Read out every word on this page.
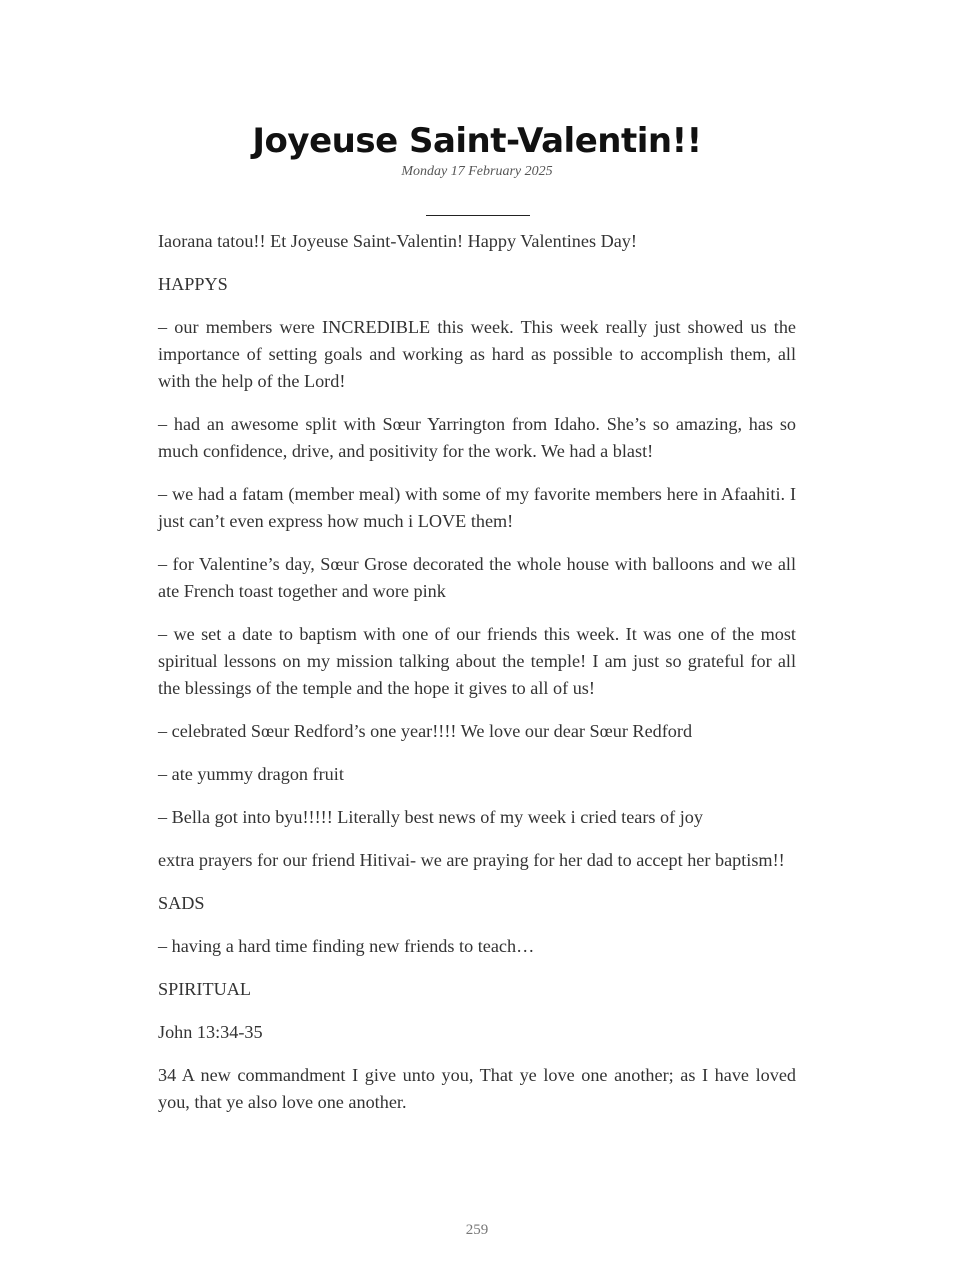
Joyeuse Saint-Valentin!!
Monday 17 February 2025

Iaorana tatou!! Et Joyeuse Saint-Valentin! Happy Valentines Day!

HAPPYS

– our members were INCREDIBLE this week. This week really just showed us the importance of setting goals and working as hard as possible to accomplish them, all with the help of the Lord!

– had an awesome split with Sœur Yarrington from Idaho. She’s so amazing, has so much confidence, drive, and positivity for the work. We had a blast!

– we had a fatam (member meal) with some of my favorite members here in Afaahiti. I just can’t even express how much i LOVE them!

– for Valentine’s day, Sœur Grose decorated the whole house with balloons and we all ate French toast together and wore pink

– we set a date to baptism with one of our friends this week. It was one of the most spiritual lessons on my mission talking about the temple! I am just so grateful for all the blessings of the temple and the hope it gives to all of us!

– celebrated Sœur Redford’s one year!!!! We love our dear Sœur Redford

– ate yummy dragon fruit

– Bella got into byu!!!!! Literally best news of my week i cried tears of joy

extra prayers for our friend Hitivai- we are praying for her dad to accept her baptism!!

SADS

– having a hard time finding new friends to teach…

SPIRITUAL

John 13:34-35

34 A new commandment I give unto you, That ye love one another; as I have loved you, that ye also love one another.

259
